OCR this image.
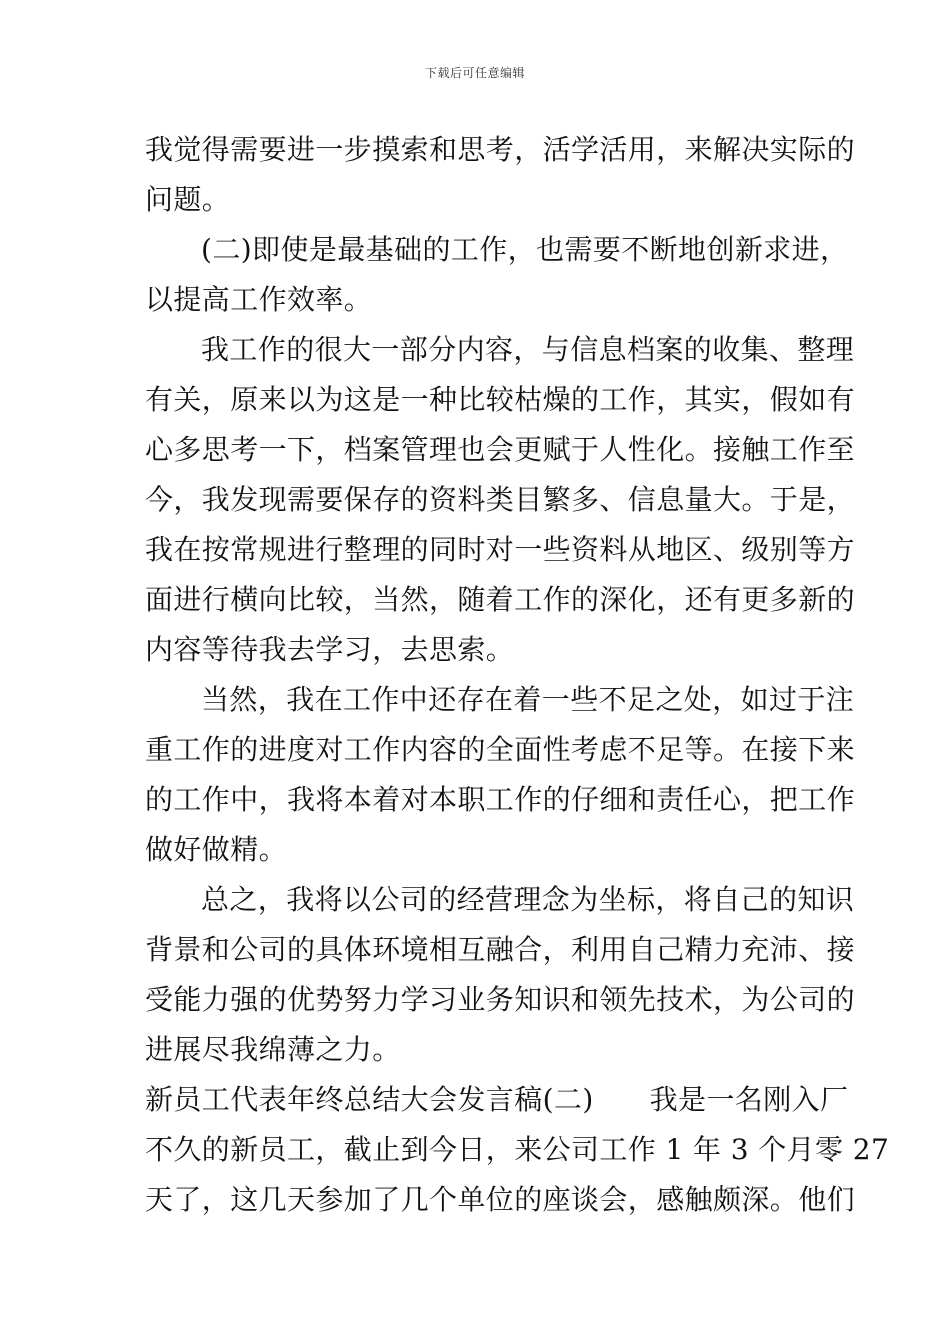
下载后可任意编辑
我觉得需要进一步摸索和思考，活学活用，来解决实际的
问题。
(二)即使是最基础的工作，也需要不断地创新求进，
以提高工作效率。
我工作的很大一部分内容，与信息档案的收集、整理
有关，原来以为这是一种比较枯燥的工作，其实，假如有
心多思考一下，档案管理也会更赋于人性化。接触工作至
今，我发现需要保存的资料类目繁多、信息量大。于是，
我在按常规进行整理的同时对一些资料从地区、级别等方
面进行横向比较，当然，随着工作的深化，还有更多新的
内容等待我去学习，去思索。
当然，我在工作中还存在着一些不足之处，如过于注
重工作的进度对工作内容的全面性考虑不足等。在接下来
的工作中，我将本着对本职工作的仔细和责任心，把工作
做好做精。
总之，我将以公司的经营理念为坐标，将自己的知识
背景和公司的具体环境相互融合，利用自己精力充沛、接
受能力强的优势努力学习业务知识和领先技术，为公司的
进展尽我绵薄之力。
新员工代表年终总结大会发言稿(二) 我是一名刚入厂
不久的新员工，截止到今日，来公司工作 1 年 3 个月零 27
天了，这几天参加了几个单位的座谈会，感触颇深。他们
